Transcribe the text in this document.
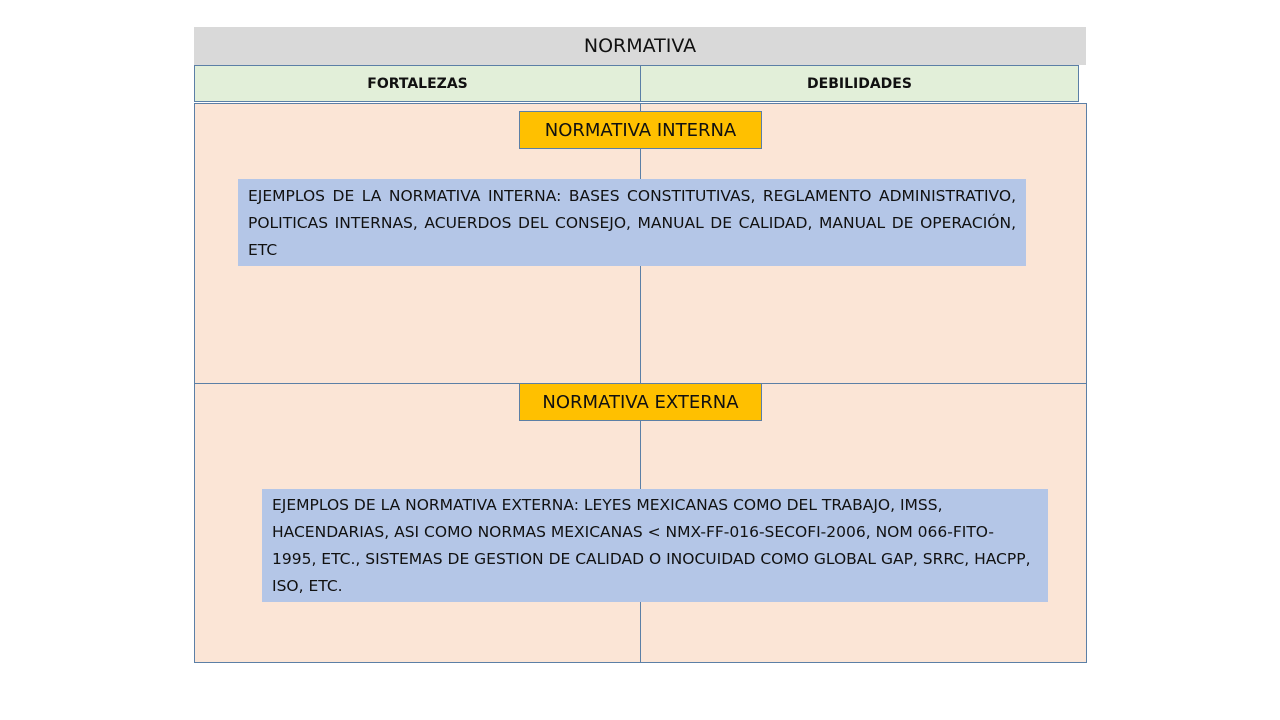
NORMATIVA
FORTALEZAS	DEBILIDADES
NORMATIVA INTERNA
EJEMPLOS DE LA NORMATIVA INTERNA: BASES CONSTITUTIVAS, REGLAMENTO ADMINISTRATIVO, POLITICAS INTERNAS, ACUERDOS DEL CONSEJO, MANUAL DE CALIDAD, MANUAL DE OPERACIÓN, ETC
NORMATIVA EXTERNA
EJEMPLOS DE LA NORMATIVA EXTERNA: LEYES MEXICANAS COMO DEL TRABAJO, IMSS, HACENDARIAS, ASI COMO NORMAS MEXICANAS < NMX-FF-016-SECOFI-2006, NOM 066-FITO-1995, ETC., SISTEMAS DE GESTION DE CALIDAD O INOCUIDAD COMO GLOBAL GAP, SRRC, HACPP, ISO, ETC.
